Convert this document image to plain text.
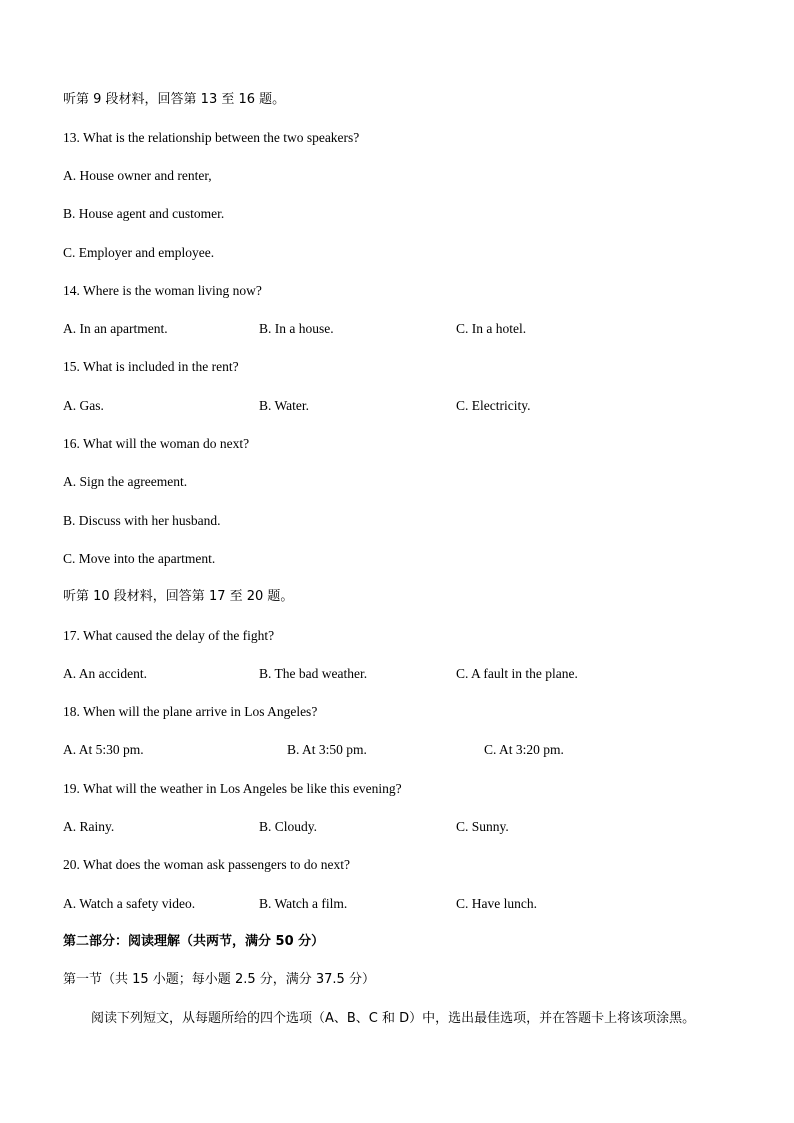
听第 9 段材料，回答第 13 至 16 题。
13. What is the relationship between the two speakers?
A. House owner and renter,
B. House agent and customer.
C. Employer and employee.
14. Where is the woman living now?
A. In an apartment.	B. In a house.	C. In a hotel.
15. What is included in the rent?
A. Gas.	B. Water.	C. Electricity.
16. What will the woman do next?
A. Sign the agreement.
B. Discuss with her husband.
C. Move into the apartment.
听第 10 段材料，回答第 17 至 20 题。
17. What caused the delay of the fight?
A. An accident.	B. The bad weather.	C. A fault in the plane.
18. When will the plane arrive in Los Angeles?
A. At 5:30 pm.	B. At 3:50 pm.	C. At 3:20 pm.
19. What will the weather in Los Angeles be like this evening?
A. Rainy.	B. Cloudy.	C. Sunny.
20. What does the woman ask passengers to do next?
A. Watch a safety video.	B. Watch a film.	C. Have lunch.
第二部分：阅读理解（共两节，满分 50 分）
第一节（共 15 小题；每小题 2.5 分，满分 37.5 分）
阅读下列短文，从每题所给的四个选项（A、B、C 和 D）中，选出最佳选项，并在答题卡上将该项涂黑。
